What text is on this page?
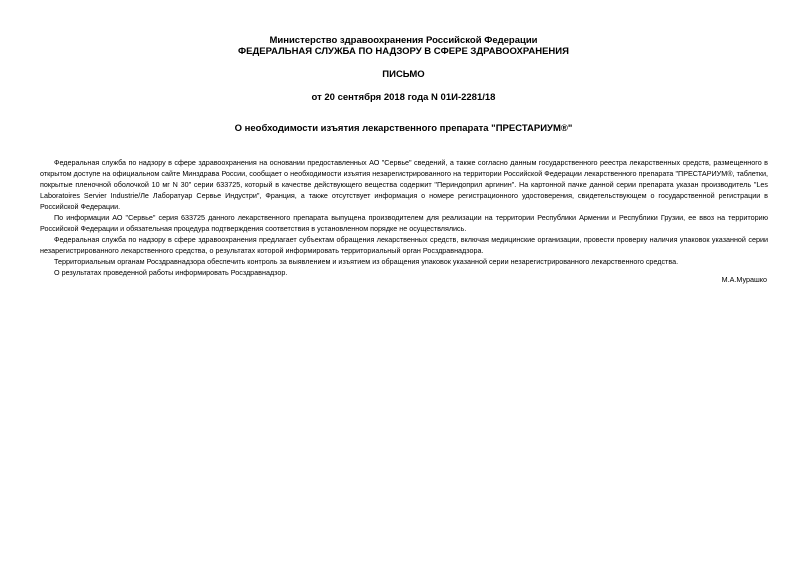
Министерство здравоохранения Российской Федерации
ФЕДЕРАЛЬНАЯ СЛУЖБА ПО НАДЗОРУ В СФЕРЕ ЗДРАВООХРАНЕНИЯ
ПИСЬМО
от 20 сентября 2018 года N 01И-2281/18
О необходимости изъятия лекарственного препарата "ПРЕСТАРИУМ®"

Федеральная служба по надзору в сфере здравоохранения на основании предоставленных АО "Сервье" сведений, а также согласно данным государственного реестра лекарственных средств, размещенного в открытом доступе на официальном сайте Минздрава России, сообщает о необходимости изъятия незарегистрированного на территории Российской Федерации лекарственного препарата "ПРЕСТАРИУМ®, таблетки, покрытые пленочной оболочкой 10 мг N 30" серии 633725, который в качестве действующего вещества содержит "Периндоприл аргинин". На картонной пачке данной серии препарата указан производитель "Les Laboratoires Servier Industrie/Ле Лаборатуар Сервье Индустри", Франция, а также отсутствует информация о номере регистрационного удостоверения, свидетельствующем о государственной регистрации в Российской Федерации.

По информации АО "Сервье" серия 633725 данного лекарственного препарата выпущена производителем для реализации на территории Республики Армении и Республики Грузии, ее ввоз на территорию Российской Федерации и обязательная процедура подтверждения соответствия в установленном порядке не осуществлялись.

Федеральная служба по надзору в сфере здравоохранения предлагает субъектам обращения лекарственных средств, включая медицинские организации, провести проверку наличия упаковок указанной серии незарегистрированного лекарственного средства, о результатах которой информировать территориальный орган Росздравнадзора.

Территориальным органам Росздравнадзора обеспечить контроль за выявлением и изъятием из обращения упаковок указанной серии незарегистрированного лекарственного средства.

О результатах проведенной работы информировать Росздравнадзор.

М.А.Мурашко
